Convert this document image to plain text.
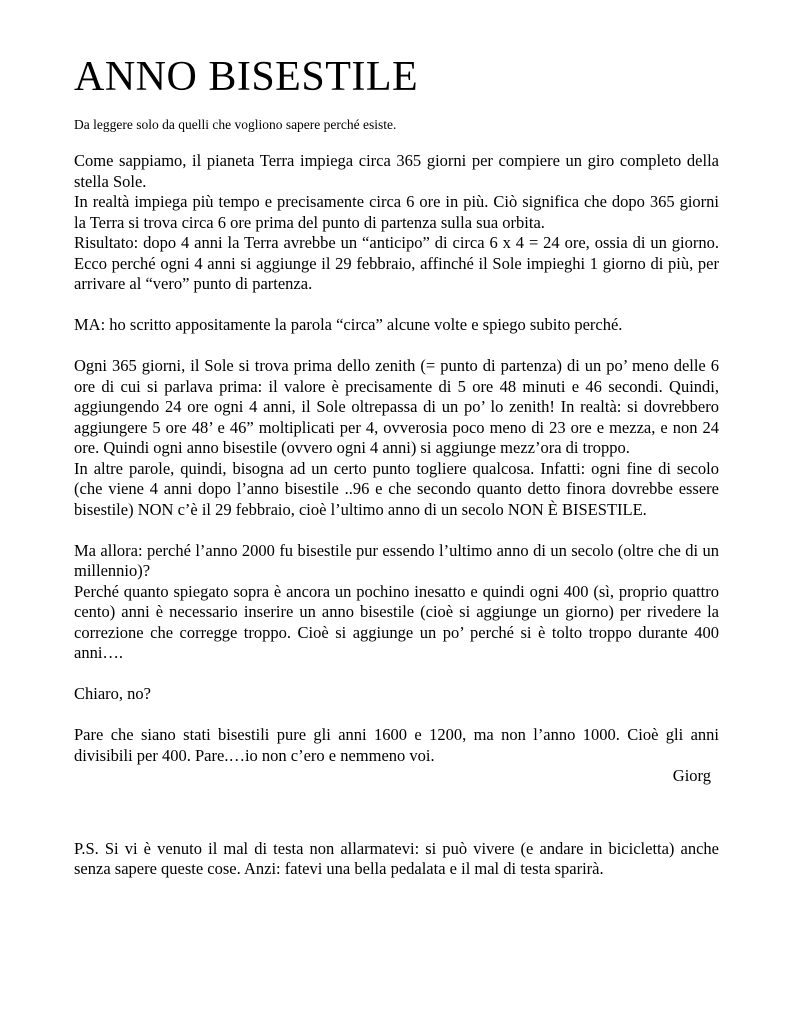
ANNO BISESTILE

Da leggere solo da quelli che vogliono sapere perché esiste.

Come sappiamo, il pianeta Terra impiega circa 365 giorni per compiere un giro completo della stella Sole.
In realtà impiega più tempo e precisamente circa 6 ore in più. Ciò significa che dopo 365 giorni la Terra si trova circa 6 ore prima del punto di partenza sulla sua orbita.
Risultato: dopo 4 anni la Terra avrebbe un “anticipo” di circa 6 x 4 = 24 ore, ossia di un giorno. Ecco perché ogni 4 anni si aggiunge il 29 febbraio, affinché il Sole impieghi 1 giorno di più, per arrivare al “vero” punto di partenza.
MA: ho scritto appositamente la parola “circa” alcune volte e spiego subito perché.
Ogni 365 giorni, il Sole si trova prima dello zenith (= punto di partenza) di un po’ meno delle 6 ore di cui si parlava prima: il valore è precisamente di 5 ore 48 minuti e 46 secondi. Quindi, aggiungendo 24 ore ogni 4 anni, il Sole oltrepassa di un po’ lo zenith! In realtà: si dovrebbero aggiungere 5 ore 48’ e 46” moltiplicati per 4, ovverosia poco meno di 23 ore e mezza, e non 24 ore. Quindi ogni anno bisestile (ovvero ogni 4 anni) si aggiunge mezz’ora di troppo.
In altre parole, quindi, bisogna ad un certo punto togliere qualcosa. Infatti: ogni fine di secolo (che viene 4 anni dopo l’anno bisestile ..96 e che secondo quanto detto finora dovrebbe essere bisestile) NON c’è il 29 febbraio, cioè l’ultimo anno di un secolo NON È BISESTILE.
Ma allora: perché l’anno 2000 fu bisestile pur essendo l’ultimo anno di un secolo (oltre che di un millennio)?
Perché quanto spiegato sopra è ancora un pochino inesatto e quindi ogni 400 (sì, proprio quattro cento) anni è necessario inserire un anno bisestile (cioè si aggiunge un giorno) per rivedere la correzione che corregge troppo. Cioè si aggiunge un po’ perché si è tolto troppo durante 400 anni….
Chiaro, no?
Pare che siano stati bisestili pure gli anni 1600 e 1200, ma non l’anno 1000. Cioè gli anni divisibili per 400. Pare.…io non c’ero e nemmeno voi.
Giorg
P.S. Si vi è venuto il mal di testa non allarmatevi: si può vivere (e andare in bicicletta) anche senza sapere queste cose. Anzi: fatevi una bella pedalata e il mal di testa sparirà.
